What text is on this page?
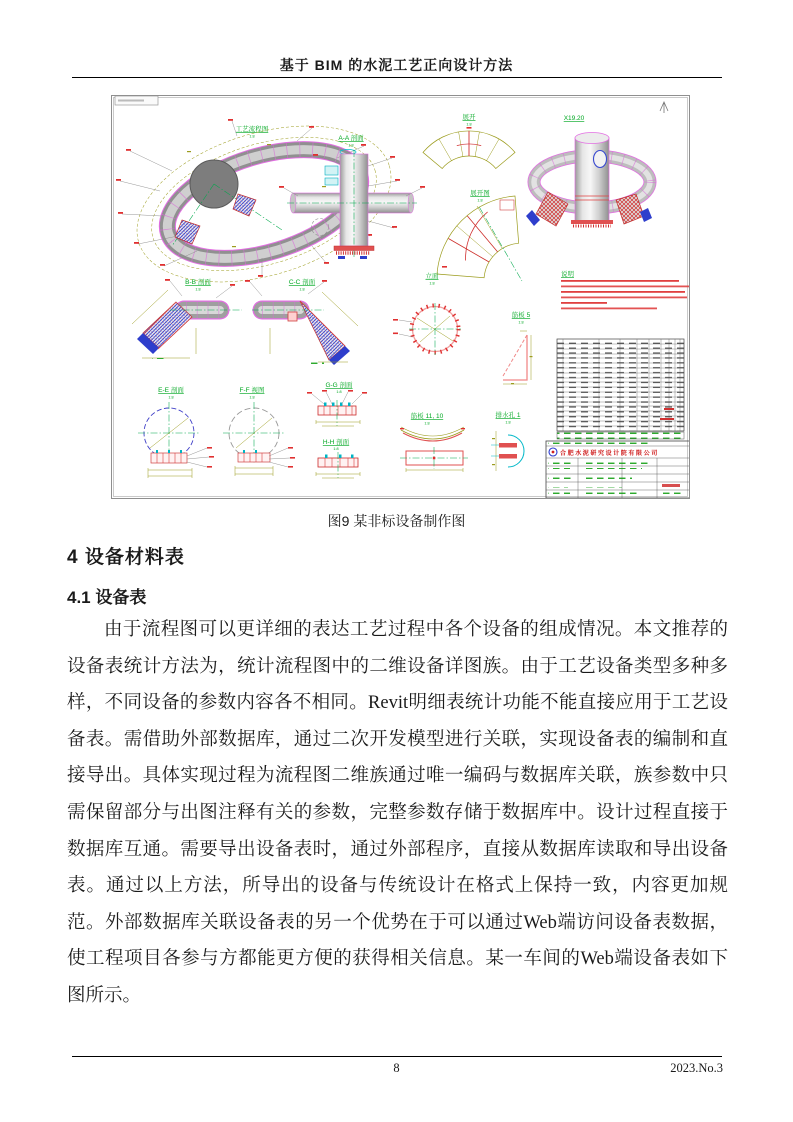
基于 BIM 的水泥工艺正向设计方法
工艺流程图
1:8	A-A 剖面
1:8
展开
1:8
X19.20
说明
B-B 剖面
1:8
C-C 剖面
1:8
展开图
1:8
立面
1:8
筋板 5
1:8
E-E 剖面
1:8
F-F 视图
1:8
G-G 剖面
1:8
H-H 剖面
1:8
筋板 11, 10
1:8
排水孔 1
1:8
合肥水泥研究设计院有限公司
图9 某非标设备制作图
4 设备材料表
4.1 设备表

由于流程图可以更详细的表达工艺过程中各个设备的组成情况。本文推荐的设备表统计方法为，统计流程图中的二维设备详图族。由于工艺设备类型多种多样，不同设备的参数内容各不相同。Revit明细表统计功能不能直接应用于工艺设备表。需借助外部数据库，通过二次开发模型进行关联，实现设备表的编制和直接导出。具体实现过程为流程图二维族通过唯一编码与数据库关联，族参数中只需保留部分与出图注释有关的参数，完整参数存储于数据库中。设计过程直接于数据库互通。需要导出设备表时，通过外部程序，直接从数据库读取和导出设备表。通过以上方法，所导出的设备与传统设计在格式上保持一致，内容更加规范。外部数据库关联设备表的另一个优势在于可以通过Web端访问设备表数据，使工程项目各参与方都能更方便的获得相关信息。某一车间的Web端设备表如下图所示。

8	2023.No.3
